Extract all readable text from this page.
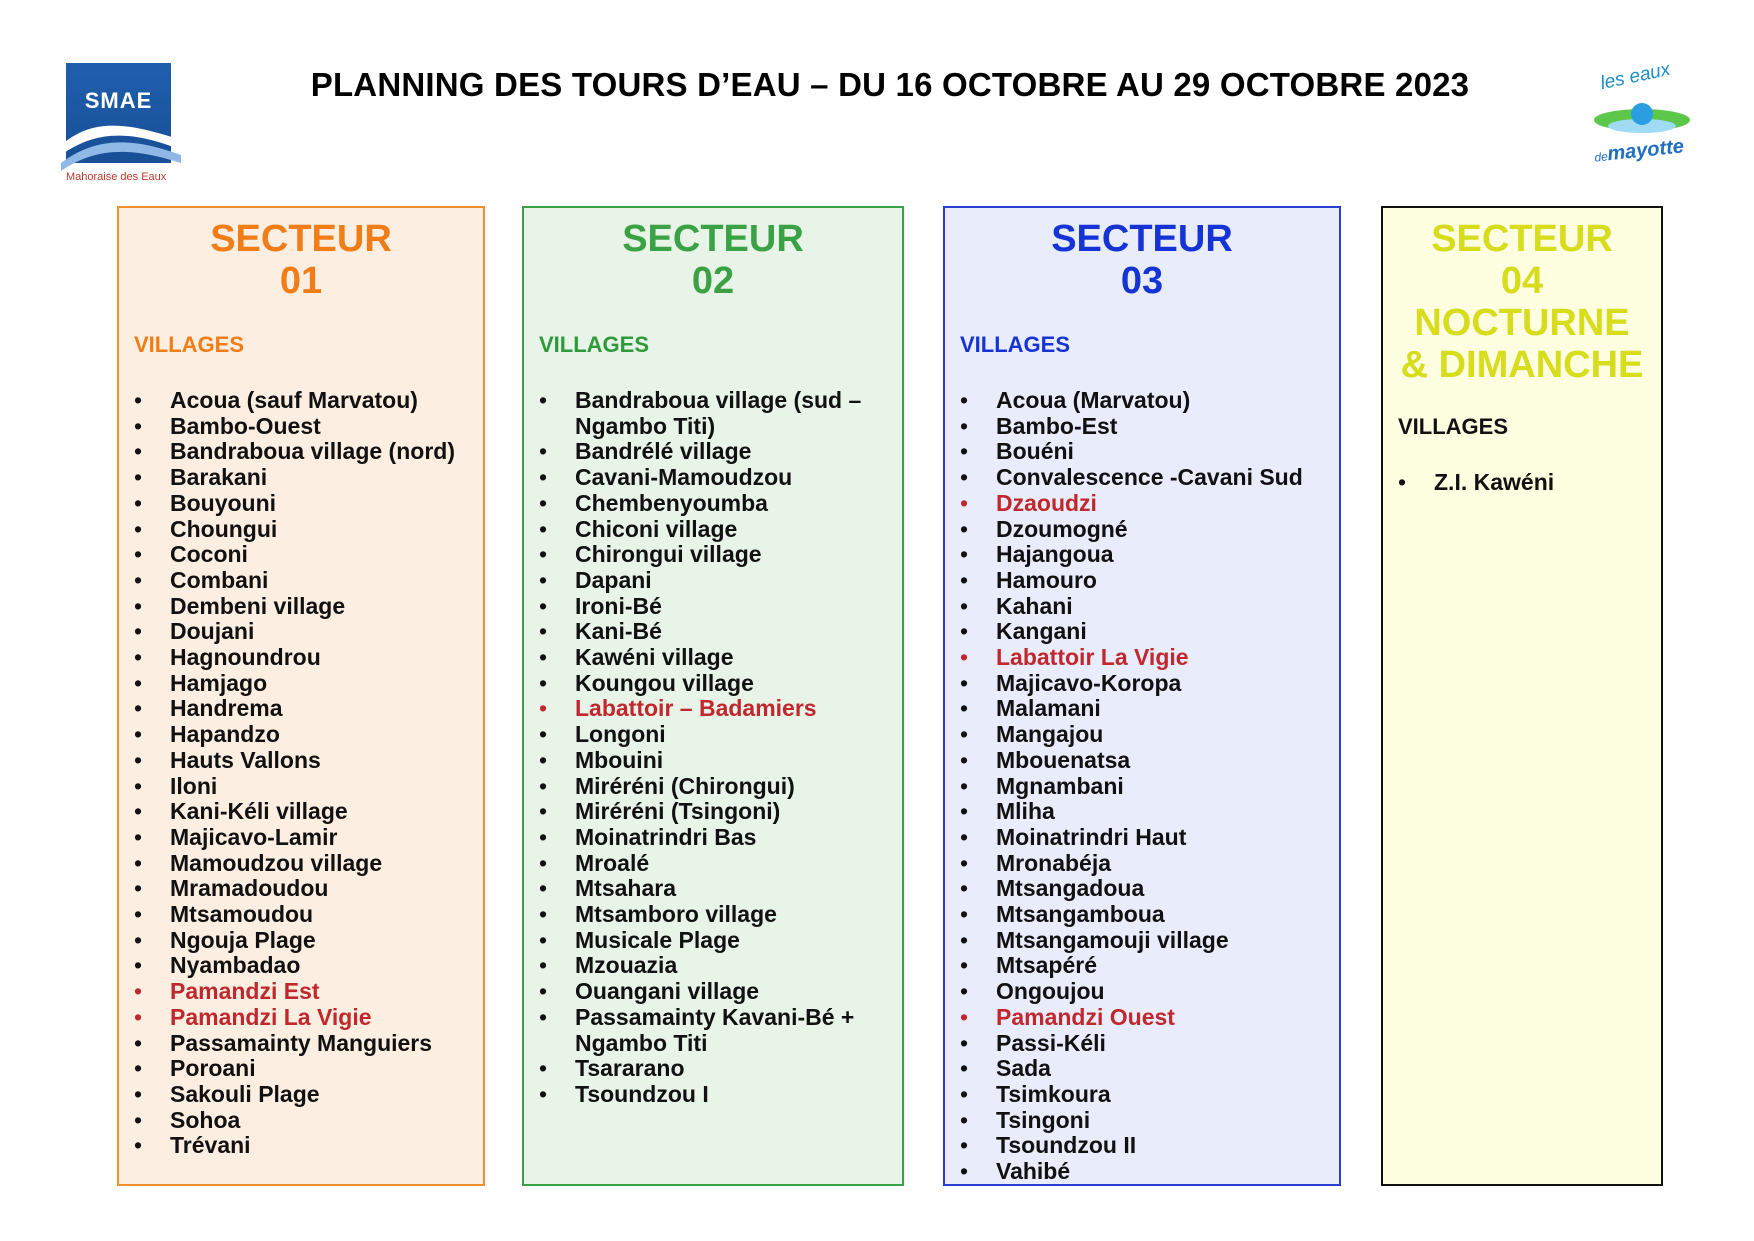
PLANNING DES TOURS D’EAU – DU 16 OCTOBRE AU 29 OCTOBRE 2023
SMAE
Mahoraise des Eaux
les eaux
demayotte
SECTEUR
01
VILLAGES
• Acoua (sauf Marvatou)
• Bambo-Ouest
• Bandraboua village (nord)
• Barakani
• Bouyouni
• Choungui
• Coconi
• Combani
• Dembeni village
• Doujani
• Hagnoundrou
• Hamjago
• Handrema
• Hapandzo
• Hauts Vallons
• Iloni
• Kani-Kéli village
• Majicavo-Lamir
• Mamoudzou village
• Mramadoudou
• Mtsamoudou
• Ngouja Plage
• Nyambadao
• Pamandzi Est
• Pamandzi La Vigie
• Passamainty Manguiers
• Poroani
• Sakouli Plage
• Sohoa
• Trévani
SECTEUR
02
VILLAGES
• Bandraboua village (sud – Ngambo Titi)
• Bandrélé village
• Cavani-Mamoudzou
• Chembenyoumba
• Chiconi village
• Chirongui village
• Dapani
• Ironi-Bé
• Kani-Bé
• Kawéni village
• Koungou village
• Labattoir – Badamiers
• Longoni
• Mbouini
• Miréréni (Chirongui)
• Miréréni (Tsingoni)
• Moinatrindri Bas
• Mroalé
• Mtsahara
• Mtsamboro village
• Musicale Plage
• Mzouazia
• Ouangani village
• Passamainty Kavani-Bé + Ngambo Titi
• Tsararano
• Tsoundzou I
SECTEUR
03
VILLAGES
• Acoua (Marvatou)
• Bambo-Est
• Bouéni
• Convalescence -Cavani Sud
• Dzaoudzi
• Dzoumogné
• Hajangoua
• Hamouro
• Kahani
• Kangani
• Labattoir La Vigie
• Majicavo-Koropa
• Malamani
• Mangajou
• Mbouenatsa
• Mgnambani
• Mliha
• Moinatrindri Haut
• Mronabéja
• Mtsangadoua
• Mtsangamboua
• Mtsangamouji village
• Mtsapéré
• Ongoujou
• Pamandzi Ouest
• Passi-Kéli
• Sada
• Tsimkoura
• Tsingoni
• Tsoundzou II
• Vahibé
SECTEUR
04
NOCTURNE
& DIMANCHE
VILLAGES
• Z.I. Kawéni
